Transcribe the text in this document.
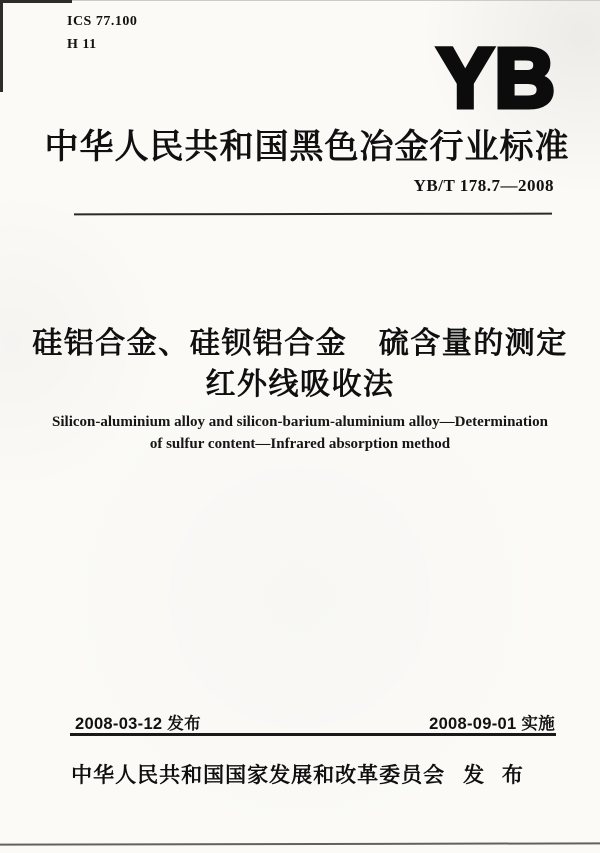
ICS 77.100
H 11	YB
中华人民共和国黑色冶金行业标准
YB/T 178.7—2008
硅铝合金、硅钡铝合金　硫含量的测定
红外线吸收法
Silicon-aluminium alloy and silicon-barium-aluminium alloy—Determination
of sulfur content—Infrared absorption method
2008-03-12 发布	2008-09-01 实施
中华人民共和国国家发展和改革委员会 发 布
